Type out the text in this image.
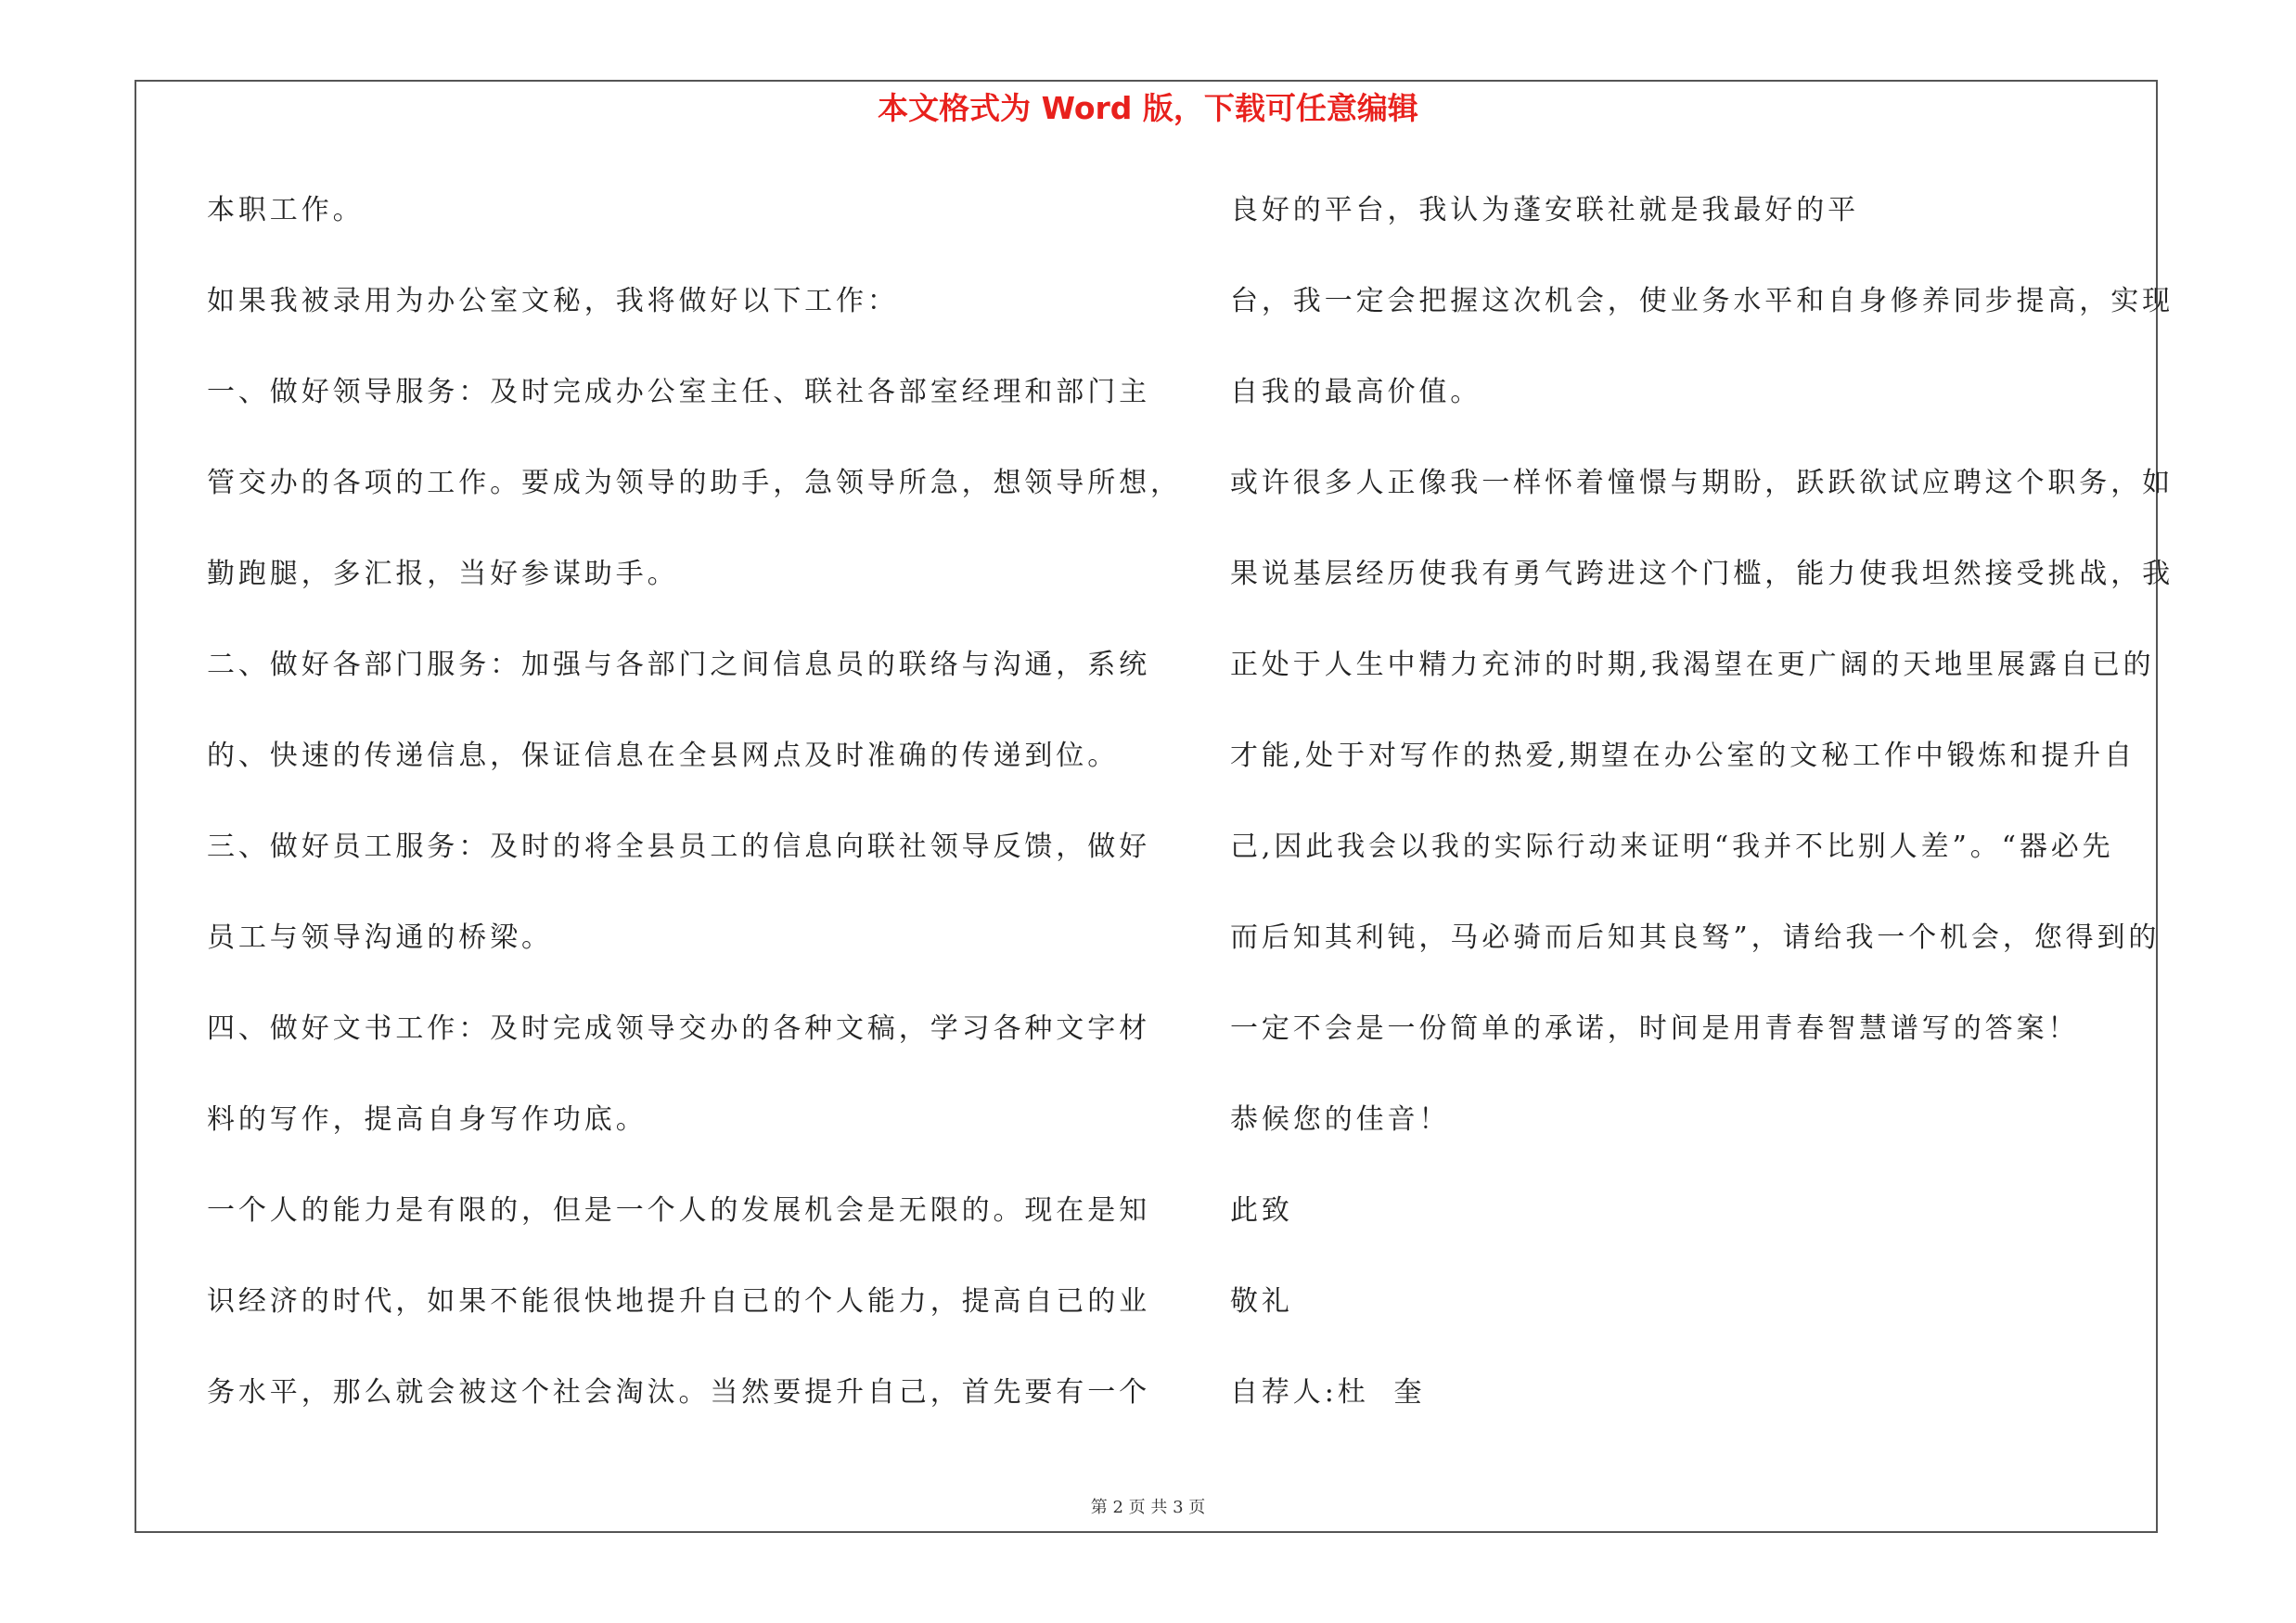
本文格式为 Word 版，下载可任意编辑
本职工作。
如果我被录用为办公室文秘，我将做好以下工作：
一、做好领导服务：及时完成办公室主任、联社各部室经理和部门主
管交办的各项的工作。要成为领导的助手，急领导所急，想领导所想，
勤跑腿，多汇报，当好参谋助手。
二、做好各部门服务：加强与各部门之间信息员的联络与沟通，系统
的、快速的传递信息，保证信息在全县网点及时准确的传递到位。
三、做好员工服务：及时的将全县员工的信息向联社领导反馈，做好
员工与领导沟通的桥梁。
四、做好文书工作：及时完成领导交办的各种文稿，学习各种文字材
料的写作，提高自身写作功底。
一个人的能力是有限的，但是一个人的发展机会是无限的。现在是知
识经济的时代，如果不能很快地提升自已的个人能力，提高自已的业
务水平，那么就会被这个社会淘汰。当然要提升自己，首先要有一个
良好的平台，我认为蓬安联社就是我最好的平
台，我一定会把握这次机会，使业务水平和自身修养同步提高，实现
自我的最高价值。
或许很多人正像我一样怀着憧憬与期盼，跃跃欲试应聘这个职务，如
果说基层经历使我有勇气跨进这个门槛，能力使我坦然接受挑战，我
正处于人生中精力充沛的时期,我渴望在更广阔的天地里展露自已的
才能,处于对写作的热爱,期望在办公室的文秘工作中锻炼和提升自
己,因此我会以我的实际行动来证明“我并不比别人差”。“器必先
而后知其利钝，马必骑而后知其良驽”，请给我一个机会，您得到的
一定不会是一份简单的承诺，时间是用青春智慧谱写的答案！
恭候您的佳音！
此致
敬礼
自荐人:杜  奎
第 2 页 共 3 页
